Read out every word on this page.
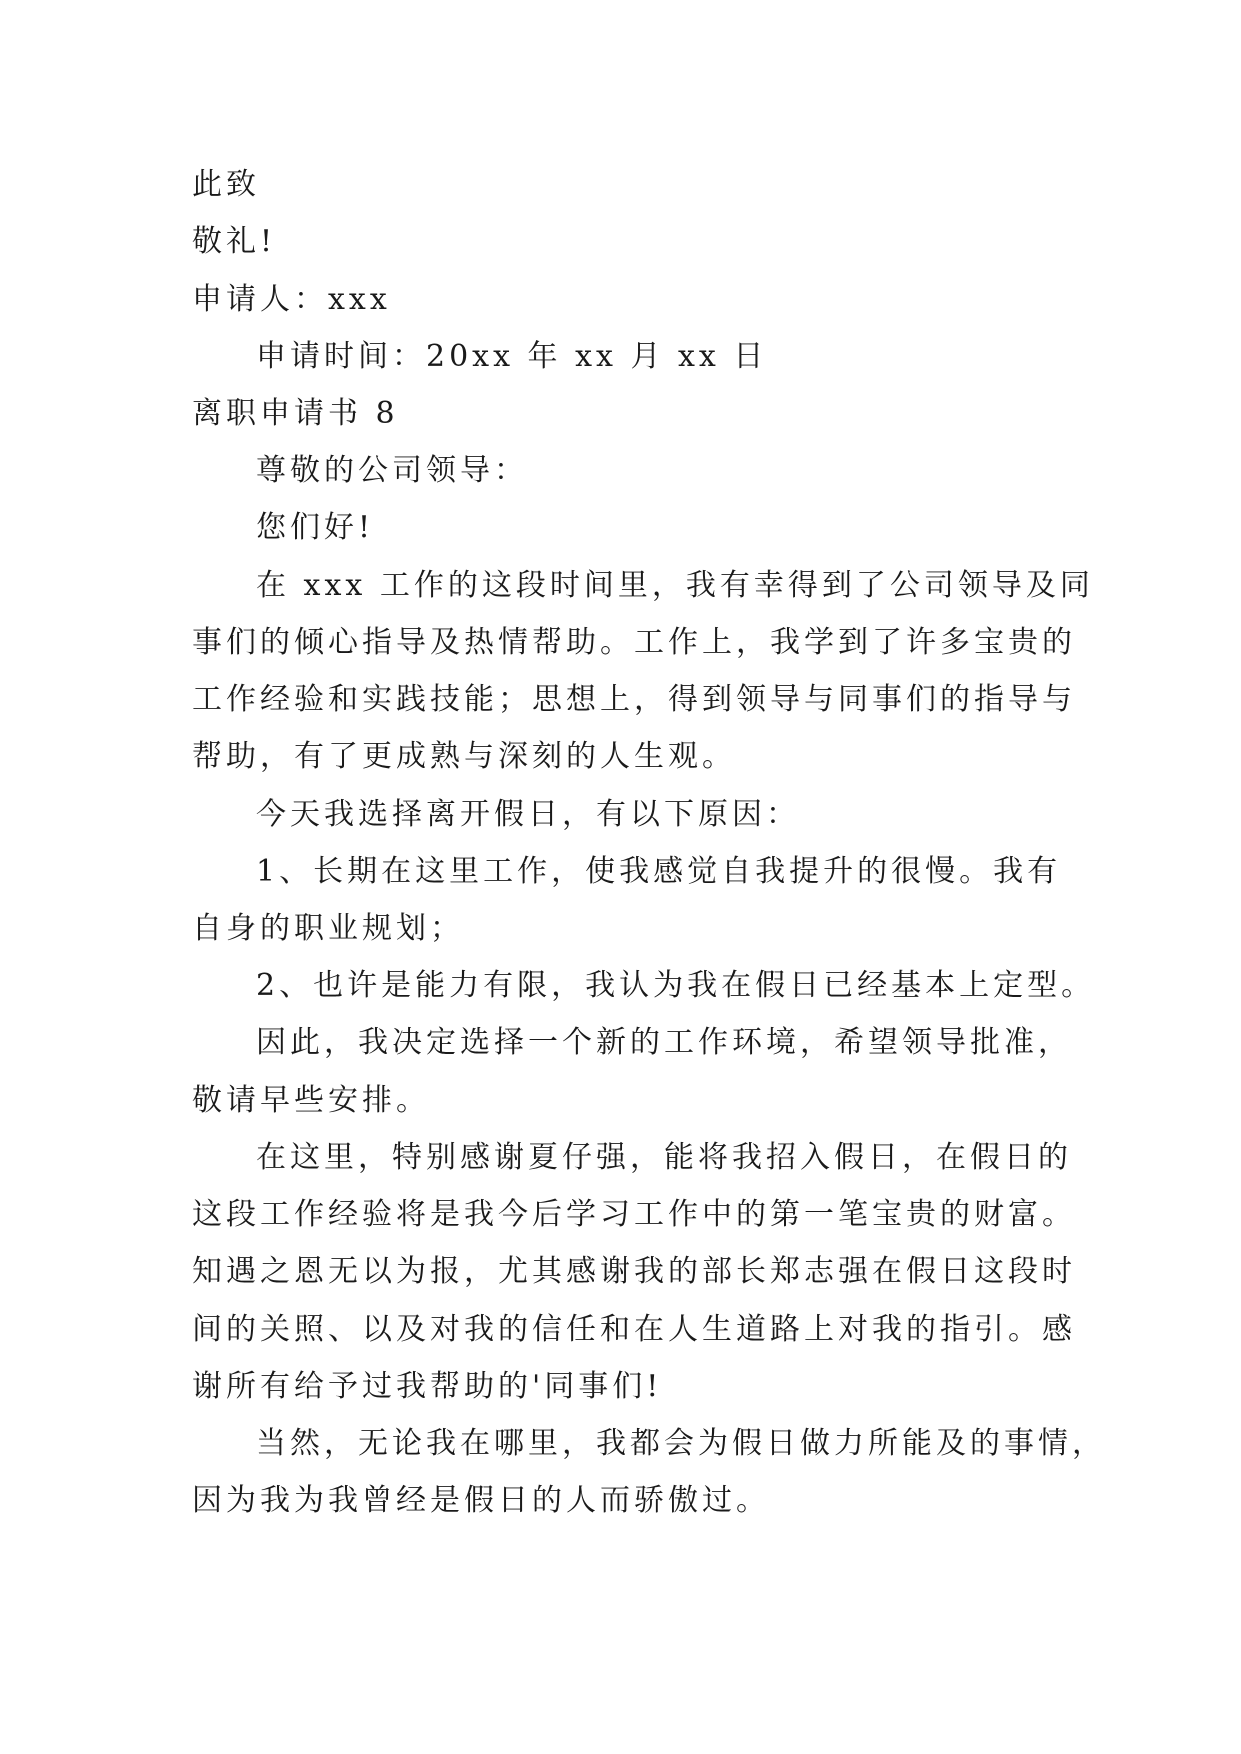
此致
敬礼!
申请人：xxx
申请时间：20xx 年 xx 月 xx 日
离职申请书 8
尊敬的公司领导：
您们好!
在 xxx 工作的这段时间里，我有幸得到了公司领导及同
事们的倾心指导及热情帮助。工作上，我学到了许多宝贵的
工作经验和实践技能；思想上，得到领导与同事们的指导与
帮助，有了更成熟与深刻的人生观。
今天我选择离开假日，有以下原因：
1、长期在这里工作，使我感觉自我提升的很慢。我有
自身的职业规划；
2、也许是能力有限，我认为我在假日已经基本上定型。
因此，我决定选择一个新的工作环境，希望领导批准，
敬请早些安排。
在这里，特别感谢夏仔强，能将我招入假日，在假日的
这段工作经验将是我今后学习工作中的第一笔宝贵的财富。
知遇之恩无以为报，尤其感谢我的部长郑志强在假日这段时
间的关照、以及对我的信任和在人生道路上对我的指引。感
谢所有给予过我帮助的'同事们!
当然，无论我在哪里，我都会为假日做力所能及的事情，
因为我为我曾经是假日的人而骄傲过。
